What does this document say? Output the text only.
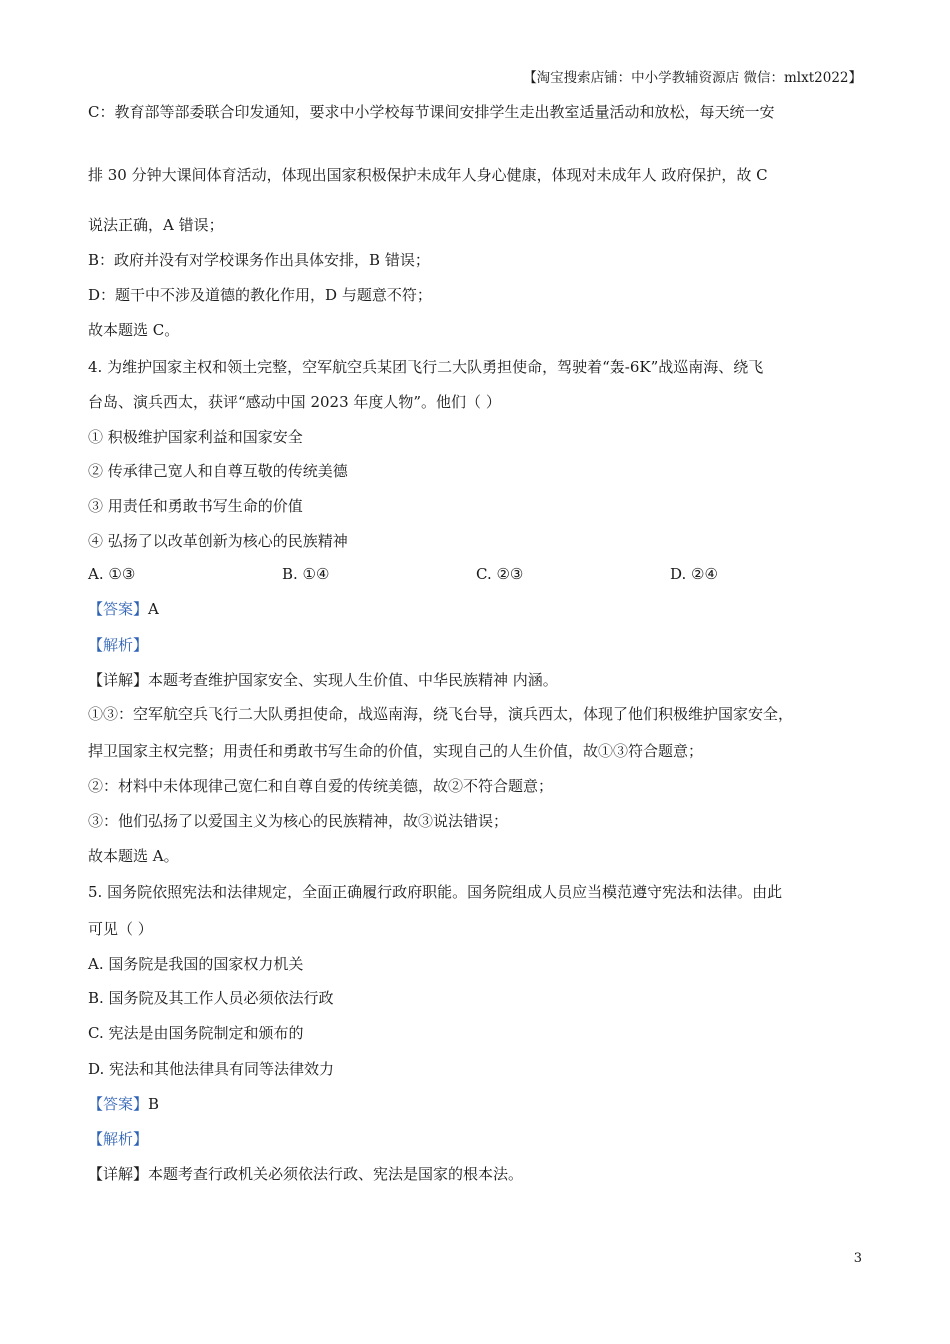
【淘宝搜索店铺：中小学教辅资源店 微信：mlxt2022】
C：教育部等部委联合印发通知，要求中小学校每节课间安排学生走出教室适量活动和放松，每天统一安
排 30 分钟大课间体育活动，体现出国家积极保护未成年人身心健康，体现对未成年人 政府保护，故 C
说法正确，A 错误；
B：政府并没有对学校课务作出具体安排，B 错误；
D：题干中不涉及道德的教化作用，D 与题意不符；
故本题选 C。
4. 为维护国家主权和领土完整，空军航空兵某团飞行二大队勇担使命，驾驶着“轰-6K”战巡南海、绕飞
台岛、演兵西太，获评“感动中国 2023 年度人物”。他们（ ）
① 积极维护国家利益和国家安全
② 传承律己宽人和自尊互敬的传统美德
③ 用责任和勇敢书写生命的价值
④ 弘扬了以改革创新为核心的民族精神
A. ①③	B. ①④	C. ②③	D. ②④
【答案】A
【解析】
【详解】本题考查维护国家安全、实现人生价值、中华民族精神 内涵。
①③：空军航空兵飞行二大队勇担使命，战巡南海，绕飞台导，演兵西太，体现了他们积极维护国家安全，
捍卫国家主权完整；用责任和勇敢书写生命的价值，实现自己的人生价值，故①③符合题意；
②：材料中未体现律己宽仁和自尊自爱的传统美德，故②不符合题意；
③：他们弘扬了以爱国主义为核心的民族精神，故③说法错误；
故本题选 A。
5. 国务院依照宪法和法律规定，全面正确履行政府职能。国务院组成人员应当模范遵守宪法和法律。由此
可见（ ）
A. 国务院是我国的国家权力机关
B. 国务院及其工作人员必须依法行政
C. 宪法是由国务院制定和颁布的
D. 宪法和其他法律具有同等法律效力
【答案】B
【解析】
【详解】本题考查行政机关必须依法行政、宪法是国家的根本法。
3
